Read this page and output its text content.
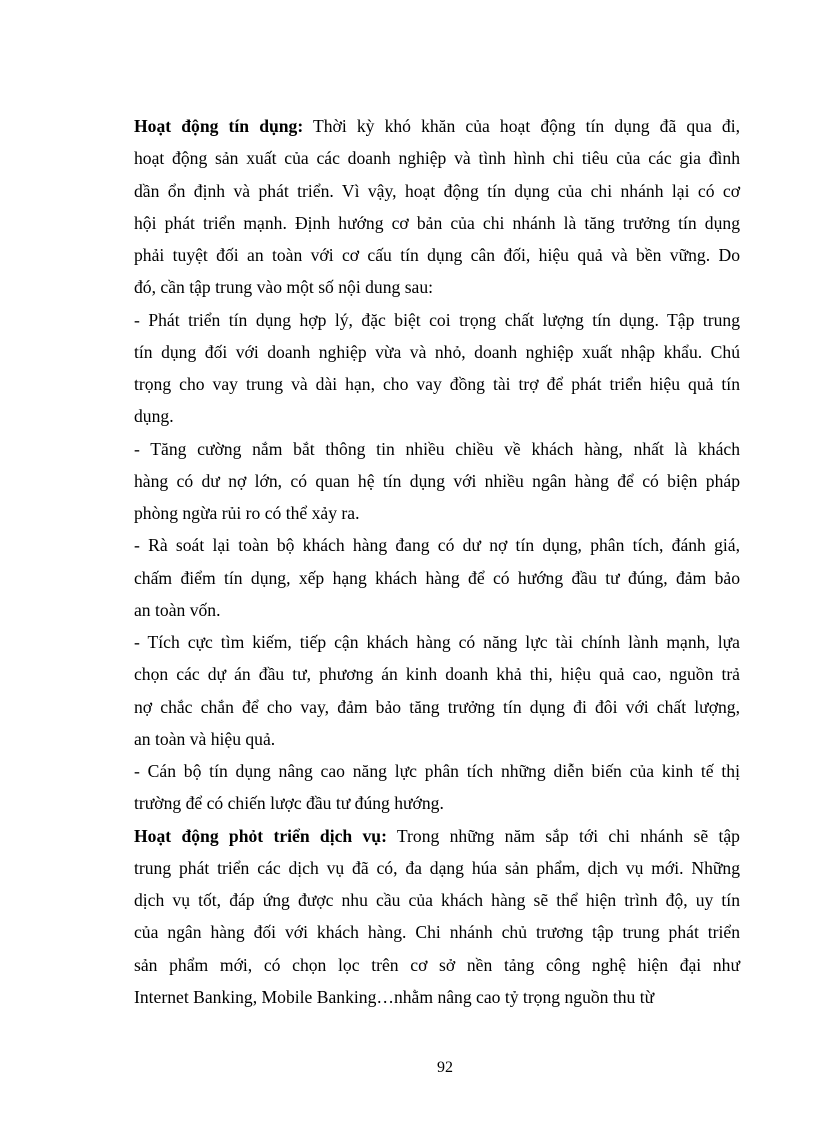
Hoạt động tín dụng: Thời kỳ khó khăn của hoạt động tín dụng đã qua đi,
hoạt động sản xuất của các doanh nghiệp và tình hình chi tiêu của các gia đình
dần ổn định và phát triển. Vì vậy, hoạt động tín dụng của chi nhánh lại có cơ
hội phát triển mạnh. Định hướng cơ bản của chi nhánh là tăng trưởng tín dụng
phải tuyệt đối an toàn với cơ cấu tín dụng cân đối, hiệu quả và bền vững. Do
đó, cần tập trung vào một số nội dung sau:
- Phát triển tín dụng hợp lý, đặc biệt coi trọng chất lượng tín dụng. Tập trung
tín dụng đối với doanh nghiệp vừa và nhỏ, doanh nghiệp xuất nhập khẩu. Chú
trọng cho vay trung và dài hạn, cho vay đồng tài trợ để phát triển hiệu quả tín
dụng.
- Tăng cường nắm bắt thông tin nhiều chiều về khách hàng, nhất là khách
hàng có dư nợ lớn, có quan hệ tín dụng với nhiều ngân hàng để có biện pháp
phòng ngừa rủi ro có thể xảy ra.
- Rà soát lại toàn bộ khách hàng đang có dư nợ tín dụng, phân tích, đánh giá,
chấm điểm tín dụng, xếp hạng khách hàng để có hướng đầu tư đúng, đảm bảo
an toàn vốn.
- Tích cực tìm kiếm, tiếp cận khách hàng có năng lực tài chính lành mạnh, lựa
chọn các dự án đầu tư, phương án kinh doanh khả thi, hiệu quả cao, nguồn trả
nợ chắc chắn để cho vay, đảm bảo tăng trưởng tín dụng đi đôi với chất lượng,
an toàn và hiệu quả.
- Cán bộ tín dụng nâng cao năng lực phân tích những diễn biến của kinh tế thị
trường để có chiến lược đầu tư đúng hướng.
Hoạt động phỏt triển dịch vụ: Trong những năm sắp tới chi nhánh sẽ tập
trung phát triển các dịch vụ đã có, đa dạng húa sản phẩm, dịch vụ mới. Những
dịch vụ tốt, đáp ứng được nhu cầu của khách hàng sẽ thể hiện trình độ, uy tín
của ngân hàng đối với khách hàng. Chi nhánh chủ trương tập trung phát triển
sản phẩm mới, có chọn lọc trên cơ sở nền tảng công nghệ hiện đại như
Internet Banking, Mobile Banking…nhằm nâng cao tỷ trọng nguồn thu từ
92
